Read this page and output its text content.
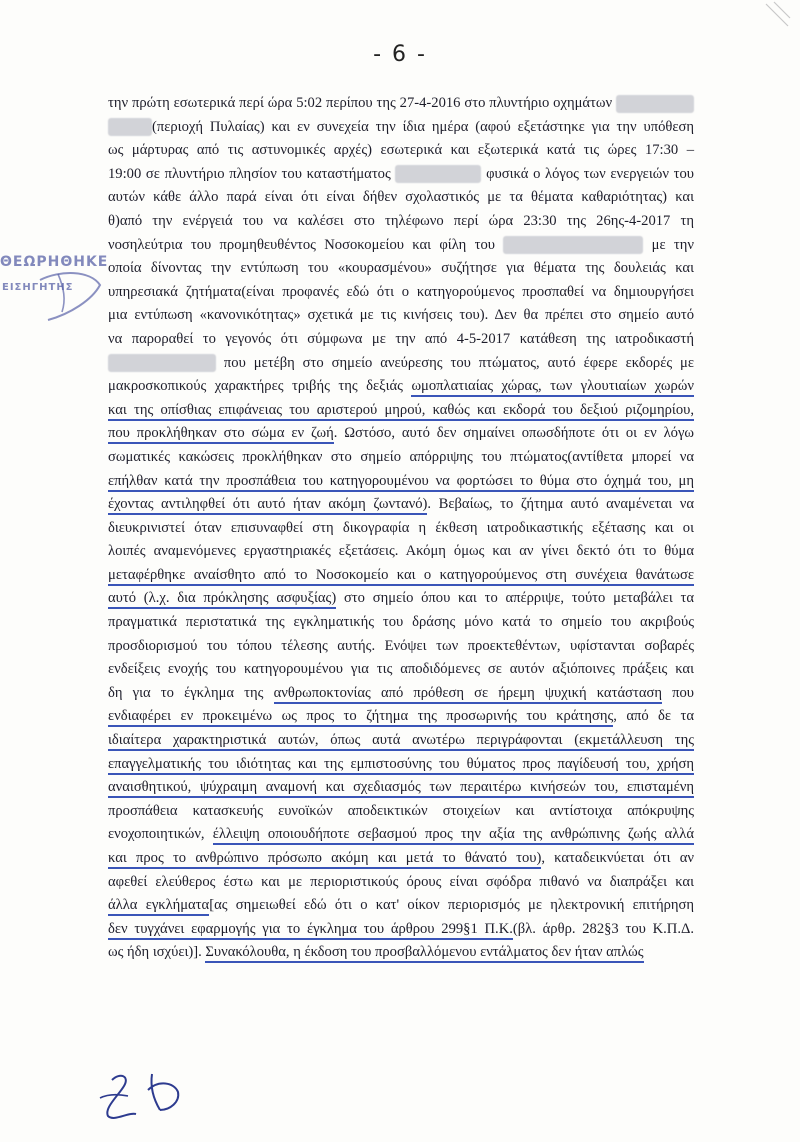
- 6 -
ΘΕΩΡΗΘΗΚΕ
ΕΙΣΗΓΗΤΗΣ
την πρώτη εσωτερικά περί ώρα 5:02 περίπου της 27-4-2016 στο πλυντήριο οχημάτων
(περιοχή Πυλαίας) και εν συνεχεία την ίδια ημέρα (αφού εξετάστηκε για την υπόθεση
ως μάρτυρας από τις αστυνομικές αρχές) εσωτερικά και εξωτερικά κατά τις ώρες 17:30 –
19:00 σε πλυντήριο πλησίον του καταστήματος	φυσικά ο λόγος των ενεργειών του
αυτών κάθε άλλο παρά είναι ότι είναι δήθεν σχολαστικός με τα θέματα καθαριότητας) και
θ)από την ενέργειά του να καλέσει στο τηλέφωνο περί ώρα 23:30 της 26ης-4-2017 τη
νοσηλεύτρια του προμηθευθέντος Νοσοκομείου και φίλη του	με την
οποία δίνοντας την εντύπωση του «κουρασμένου» συζήτησε για θέματα της δουλειάς και
υπηρεσιακά ζητήματα(είναι προφανές εδώ ότι ο κατηγορούμενος προσπαθεί να δημιουργήσει
μια εντύπωση «κανονικότητας» σχετικά με τις κινήσεις του). Δεν θα πρέπει στο σημείο αυτό
να παροραθεί το γεγονός ότι σύμφωνα με την από 4-5-2017 κατάθεση της ιατροδικαστή
που μετέβη στο σημείο ανεύρεσης του πτώματος, αυτό έφερε εκδορές με
μακροσκοπικούς χαρακτήρες τριβής της δεξιάς ωμοπλατιαίας χώρας, των γλουτιαίων χωρών
και της οπίσθιας επιφάνειας του αριστερού μηρού, καθώς και εκδορά του δεξιού ριζομηρίου,
που προκλήθηκαν στο σώμα εν ζωή. Ωστόσο, αυτό δεν σημαίνει οπωσδήποτε ότι οι εν λόγω
σωματικές κακώσεις προκλήθηκαν στο σημείο απόρριψης του πτώματος(αντίθετα μπορεί να
επήλθαν κατά την προσπάθεια του κατηγορουμένου να φορτώσει το θύμα στο όχημά του, μη
έχοντας αντιληφθεί ότι αυτό ήταν ακόμη ζωντανό). Βεβαίως, το ζήτημα αυτό αναμένεται να
διευκρινιστεί όταν επισυναφθεί στη δικογραφία η έκθεση ιατροδικαστικής εξέτασης και οι
λοιπές αναμενόμενες εργαστηριακές εξετάσεις. Ακόμη όμως και αν γίνει δεκτό ότι το θύμα
μεταφέρθηκε αναίσθητο από το Νοσοκομείο και ο κατηγορούμενος στη συνέχεια θανάτωσε
αυτό (λ.χ. δια πρόκλησης ασφυξίας) στο σημείο όπου και το απέρριψε, τούτο μεταβάλει τα
πραγματικά περιστατικά της εγκληματικής του δράσης μόνο κατά το σημείο του ακριβούς
προσδιορισμού του τόπου τέλεσης αυτής. Ενόψει των προεκτεθέντων, υφίστανται σοβαρές
ενδείξεις ενοχής του κατηγορουμένου για τις αποδιδόμενες σε αυτόν αξιόποινες πράξεις και
δη για το έγκλημα της ανθρωποκτονίας από πρόθεση σε ήρεμη ψυχική κατάσταση που
ενδιαφέρει εν προκειμένω ως προς το ζήτημα της προσωρινής του κράτησης, από δε τα
ιδιαίτερα χαρακτηριστικά αυτών, όπως αυτά ανωτέρω περιγράφονται (εκμετάλλευση της
επαγγελματικής του ιδιότητας και της εμπιστοσύνης του θύματος προς παγίδευσή του, χρήση
αναισθητικού, ψύχραιμη αναμονή και σχεδιασμός των περαιτέρω κινήσεών του, επισταμένη
προσπάθεια κατασκευής ευνοϊκών αποδεικτικών στοιχείων και αντίστοιχα απόκρυψης
ενοχοποιητικών, έλλειψη οποιουδήποτε σεβασμού προς την αξία της ανθρώπινης ζωής αλλά
και προς το ανθρώπινο πρόσωπο ακόμη και μετά το θάνατό του), καταδεικνύεται ότι αν
αφεθεί ελεύθερος έστω και με περιοριστικούς όρους είναι σφόδρα πιθανό να διαπράξει και
άλλα εγκλήματα[ας σημειωθεί εδώ ότι ο κατ' οίκον περιορισμός με ηλεκτρονική επιτήρηση
δεν τυγχάνει εφαρμογής για το έγκλημα του άρθρου 299§1 Π.Κ.(βλ. άρθρ. 282§3 του Κ.Π.Δ.
ως ήδη ισχύει)]. Συνακόλουθα, η έκδοση του προσβαλλόμενου εντάλματος δεν ήταν απλώς
